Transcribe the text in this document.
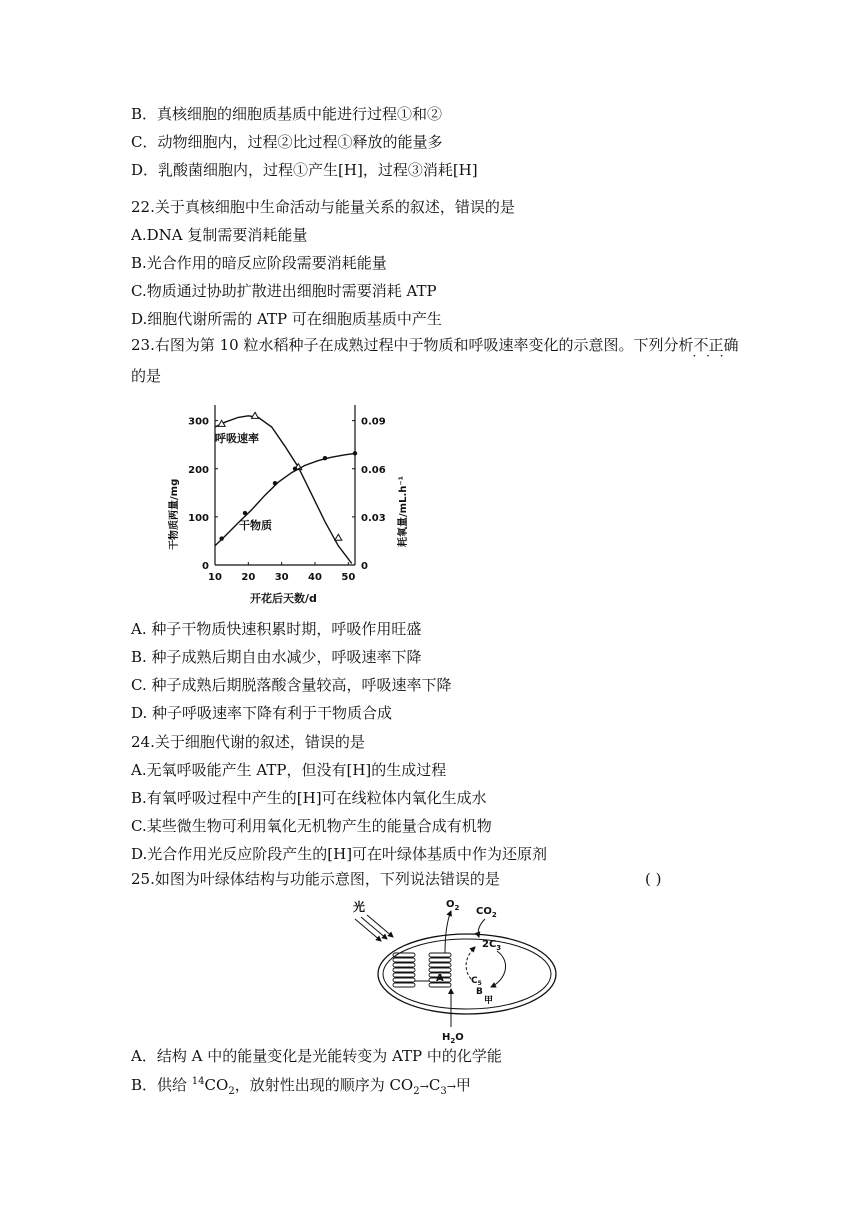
B．真核细胞的细胞质基质中能进行过程①和②
C．动物细胞内，过程②比过程①释放的能量多
D．乳酸菌细胞内，过程①产生[H]，过程③消耗[H]
22.关于真核细胞中生命活动与能量关系的叙述，错误的是
A.DNA 复制需要消耗能量
B.光合作用的暗反应阶段需要消耗能量
C.物质通过协助扩散进出细胞时需要消耗 ATP
D.细胞代谢所需的 ATP 可在细胞质基质中产生
23.右图为第 10 粒水稻种子在成熟过程中于物质和呼吸速率变化的示意图。下列分析· · · 不正确
的是
10 20 30 40 50
0
100
200
300
0
0.03
0.06
0.09
呼吸速率
干物质
开花后天数/d
干物质两量/mg	耗氧量/mL.h⁻¹
A. 种子干物质快速积累时期，呼吸作用旺盛
B. 种子成熟后期自由水减少，呼吸速率下降
C. 种子成熟后期脱落酸含量较高，呼吸速率下降
D. 种子呼吸速率下降有利于干物质合成
24.关于细胞代谢的叙述，错误的是
A.无氧呼吸能产生 ATP，但没有[H]的生成过程
B.有氧呼吸过程中产生的[H]可在线粒体内氧化生成水
C.某些微生物可利用氧化无机物产生的能量合成有机物
D.光合作用光反应阶段产生的[H]可在叶绿体基质中作为还原剂
25.如图为叶绿体结构与功能示意图，下列说法错误的是	( )
光
A
$O_2$ $CO_2$
$2C_3$
$C_5$
B
甲
$H_2O$
A．结构 A 中的能量变化是光能转变为 ATP 中的化学能
B．供给 $^{14}CO_2$，放射性出现的顺序为 $CO_2\to C_3\to$甲
